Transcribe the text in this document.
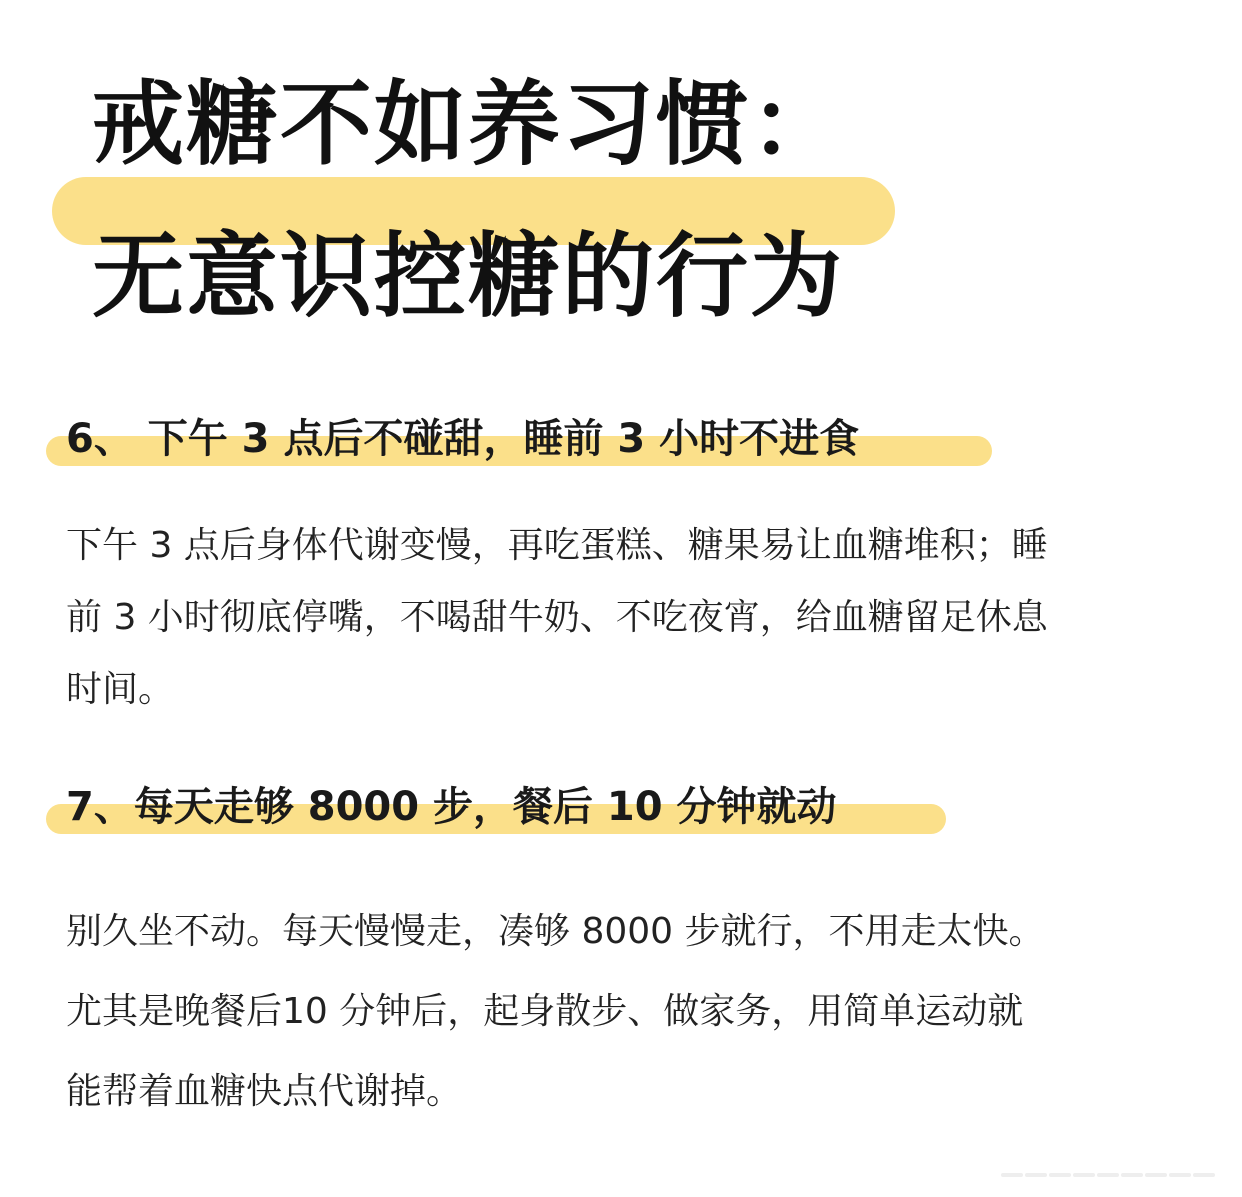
戒糖不如养习惯：
无意识控糖的行为
6、 下午 3 点后不碰甜，睡前 3 小时不进食
下午 3 点后身体代谢变慢，再吃蛋糕、糖果易让血糖堆积；睡
前 3 小时彻底停嘴，不喝甜牛奶、不吃夜宵，给血糖留足休息
时间。
7、每天走够 8000 步，餐后 10 分钟就动
别久坐不动。每天慢慢走，凑够 8000 步就行，不用走太快。
尤其是晚餐后10 分钟后，起身散步、做家务，用简单运动就
能帮着血糖快点代谢掉。
